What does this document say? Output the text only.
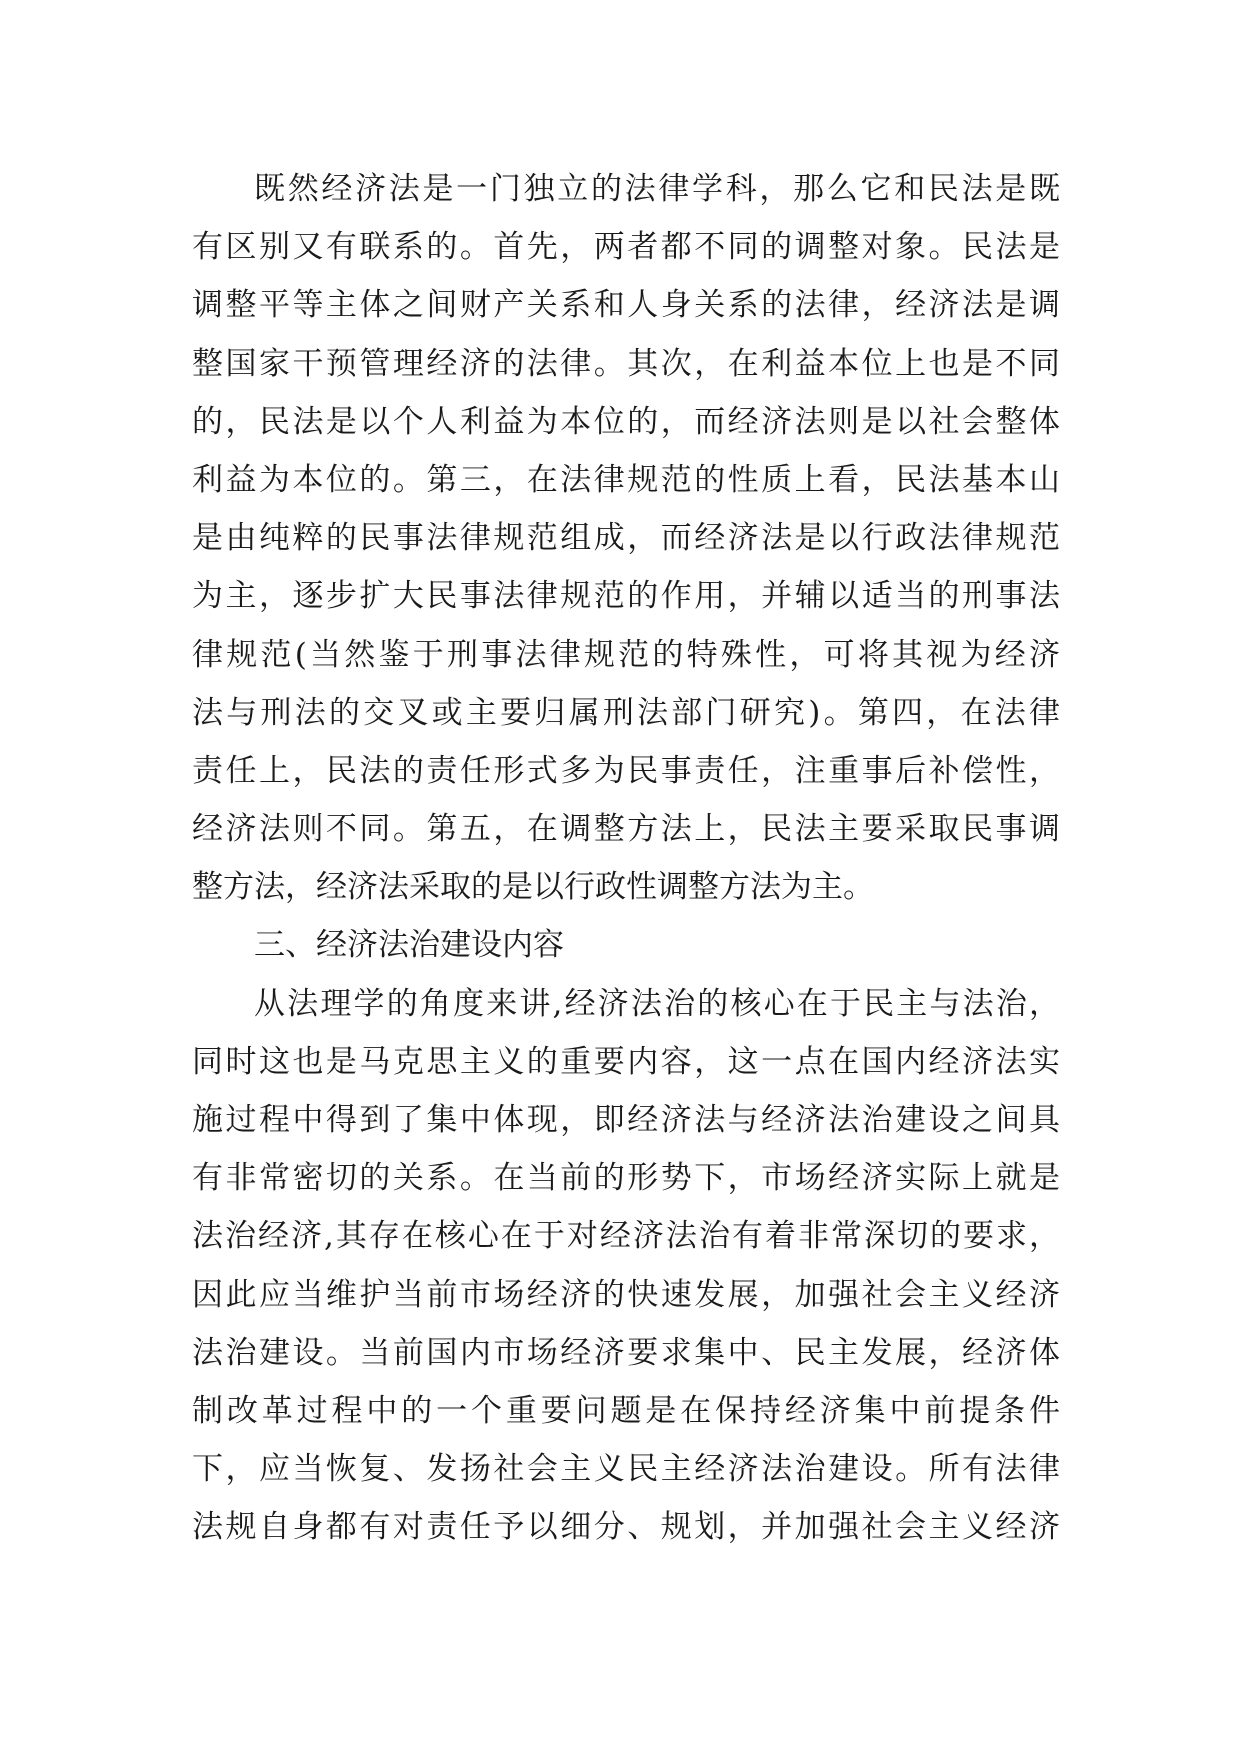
既然经济法是一门独立的法律学科，那么它和民法是既
有区别又有联系的。首先，两者都不同的调整对象。民法是
调整平等主体之间财产关系和人身关系的法律，经济法是调
整国家干预管理经济的法律。其次，在利益本位上也是不同
的，民法是以个人利益为本位的，而经济法则是以社会整体
利益为本位的。第三，在法律规范的性质上看，民法基本山
是由纯粹的民事法律规范组成，而经济法是以行政法律规范
为主，逐步扩大民事法律规范的作用，并辅以适当的刑事法
律规范(当然鉴于刑事法律规范的特殊性，可将其视为经济
法与刑法的交叉或主要归属刑法部门研究)。第四，在法律
责任上，民法的责任形式多为民事责任，注重事后补偿性，
经济法则不同。第五，在调整方法上，民法主要采取民事调
整方法，经济法采取的是以行政性调整方法为主。
三、经济法治建设内容
从法理学的角度来讲,经济法治的核心在于民主与法治，
同时这也是马克思主义的重要内容，这一点在国内经济法实
施过程中得到了集中体现，即经济法与经济法治建设之间具
有非常密切的关系。在当前的形势下，市场经济实际上就是
法治经济,其存在核心在于对经济法治有着非常深切的要求，
因此应当维护当前市场经济的快速发展，加强社会主义经济
法治建设。当前国内市场经济要求集中、民主发展，经济体
制改革过程中的一个重要问题是在保持经济集中前提条件
下，应当恢复、发扬社会主义民主经济法治建设。所有法律
法规自身都有对责任予以细分、规划，并加强社会主义经济
